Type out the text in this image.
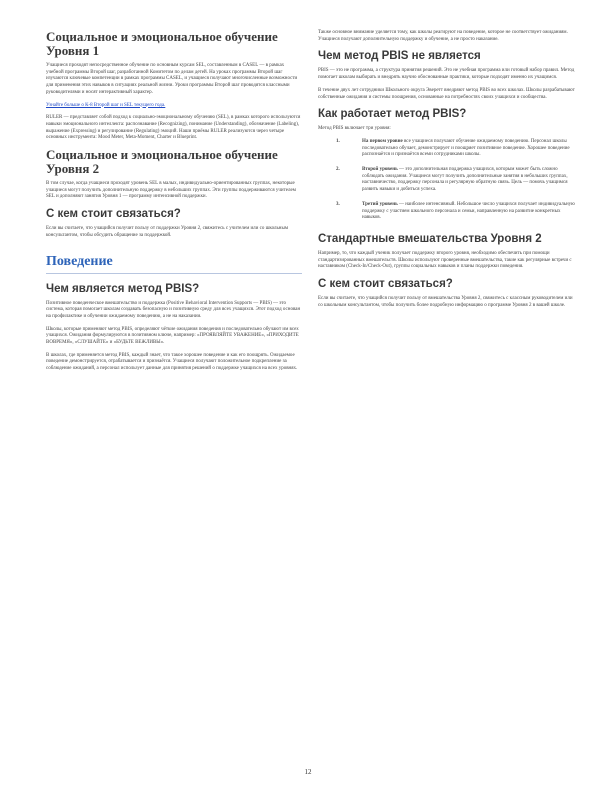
Социальное и эмоциональное обучение Уровня 1

Учащиеся проходят непосредственное обучение по основным курсам SEL, составленным в CASEL — в рамках учебной программы Второй шаг, разработанной Комитетом по делам детей. На уроках программы Второй шаг изучаются ключевые компетенции в рамках программы CASEL, и учащиеся получают многочисленные возможности для применения этих навыков в ситуациях реальной жизни. Уроки программы Второй шаг проводятся классными руководителями и носят интерактивный характер.

Узнайте больше о К-8 Второй шаг и SEL текущего года.

RULER — представляет собой подход к социально-эмоциональному обучению (SEL), в рамках которого используются навыки эмоционального интеллекта: распознавание (Recognizing), понимание (Understanding), обозначение (Labeling), выражение (Expressing) и регулирование (Regulating) эмоций. Наши приёмы RULER реализуются через четыре основных инструмента: Mood Meter, Meta-Moment, Charter и Blueprint.

Социальное и эмоциональное обучение Уровня 2

В том случае, когда учащиеся проходят уровень SEL в малых, индивидуально-ориентированных группах, некоторые учащиеся могут получить дополнительную поддержку в небольших группах. Эти группы поддерживаются учителем SEL и дополняют занятия Уровня 1 — программу интенсивной поддержки.

С кем стоит связаться?

Если вы считаете, что учащийся получит пользу от поддержки Уровня 2, свяжитесь с учителем или со школьным консультантом, чтобы обсудить обращение за поддержкой.

Поведение
Чем является метод PBIS?

Позитивное поведенческое вмешательство и поддержка (Positive Behavioral Intervention Supports — PBIS) — это система, которая помогает школам создавать безопасную и позитивную среду для всех учащихся. Этот подход основан на профилактике и обучении ожидаемому поведению, а не на наказании.

Школы, которые применяют метод PBIS, определяют чёткие ожидания поведения и последовательно обучают им всех учащихся. Ожидания формулируются в позитивном ключе, например: «ПРОЯВЛЯЙТЕ УВАЖЕНИЕ», «ПРИХОДИТЕ ВОВРЕМЯ», «СЛУШАЙТЕ» и «БУДЬТЕ ВЕЖЛИВЫ».

В школах, где применяется метод PBIS, каждый знает, что такое хорошее поведение и как его поощрять. Ожидаемое поведение демонстрируется, отрабатывается и признаётся. Учащиеся получают положительное подкрепление за соблюдение ожиданий, а персонал использует данные для принятия решений о поддержке учащихся на всех уровнях.

Также основное внимание уделяется тому, как школы реагируют на поведение, которое не соответствует ожиданиям. Учащиеся получают дополнительную поддержку и обучение, а не просто наказание.

Чем метод PBIS не является

PBIS — это не программа, а структура принятия решений. Это не учебная программа или готовый набор правил. Метод помогает школам выбирать и внедрять научно обоснованные практики, которые подходят именно их учащимся.

В течение двух лет сотрудники Школьного округа Эверетт внедряют метод PBIS во всех школах. Школы разрабатывают собственные ожидания и системы поощрения, основанные на потребностях своих учащихся и сообщества.

Как работает метод PBIS?

Метод PBIS включает три уровня:

1.	На первом уровне все учащиеся получают обучение ожидаемому поведению. Персонал школы последовательно обучает, демонстрирует и поощряет позитивное поведение. Хорошее поведение распознаётся и признаётся всеми сотрудниками школы.
2.	Второй уровень — это дополнительная поддержка учащихся, которым может быть сложно соблюдать ожидания. Учащиеся могут получить дополнительные занятия в небольших группах, наставничество, поддержку персонала и регулярную обратную связь. Цель — помочь учащимся развить навыки и добиться успеха.
3.	Третий уровень — наиболее интенсивный. Небольшое число учащихся получает индивидуальную поддержку с участием школьного персонала и семьи, направленную на развитие конкретных навыков.
Стандартные вмешательства Уровня 2

Например, то, что каждый ученик получает поддержку второго уровня, необходимо обеспечить при помощи стандартизированных вмешательств. Школы используют проверенные вмешательства, такие как регулярные встречи с наставником (Check-In/Check-Out), группы социальных навыков и планы поддержки поведения.

С кем стоит связаться?

Если вы считаете, что учащийся получит пользу от вмешательства Уровня 2, свяжитесь с классным руководителем или со школьным консультантом, чтобы получить более подробную информацию о программе Уровня 2 в вашей школе.

12
